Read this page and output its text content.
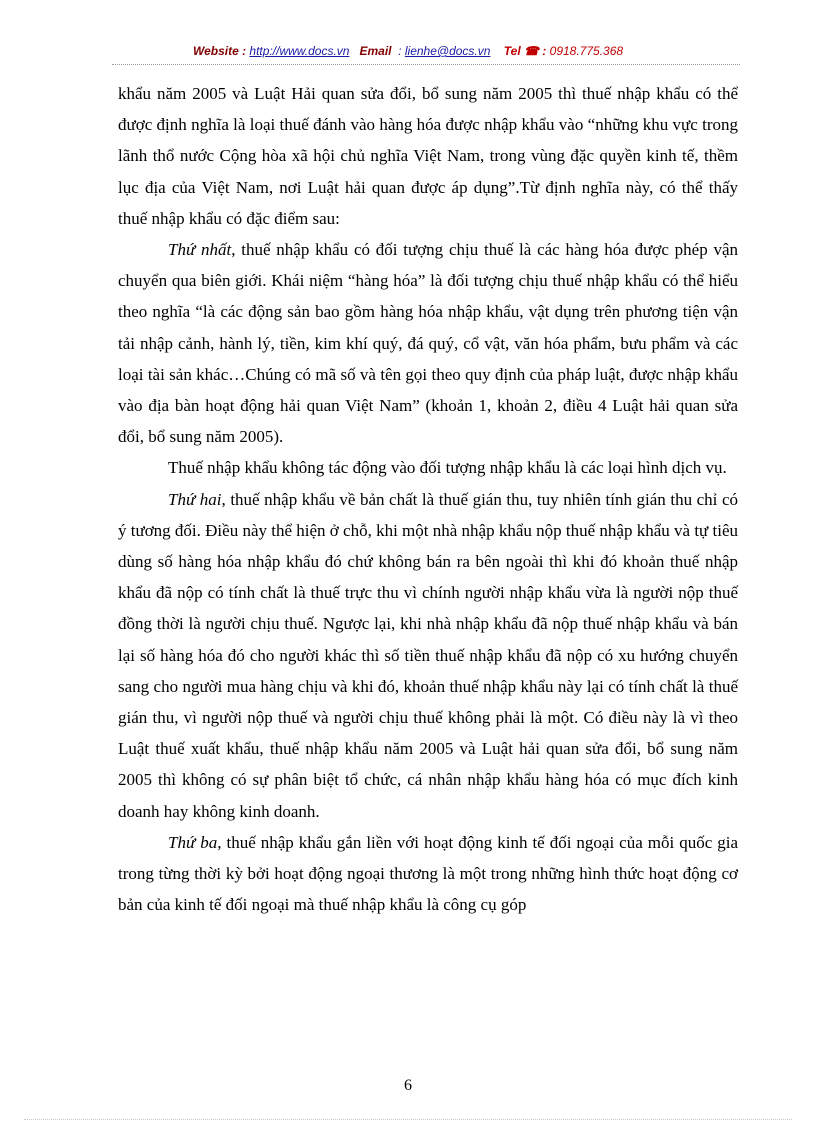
Website : http://www.docs.vn Email : lienhe@docs.vn Tel ☎ : 0918.775.368

khẩu năm 2005 và Luật Hải quan sửa đổi, bổ sung năm 2005 thì thuế nhập khẩu có thể được định nghĩa là loại thuế đánh vào hàng hóa được nhập khẩu vào “những khu vực trong lãnh thổ nước Cộng hòa xã hội chủ nghĩa Việt Nam, trong vùng đặc quyền kinh tế, thềm lục địa của Việt Nam, nơi Luật hải quan được áp dụng”.Từ định nghĩa này, có thể thấy thuế nhập khẩu có đặc điểm sau:

Thứ nhất, thuế nhập khẩu có đối tượng chịu thuế là các hàng hóa được phép vận chuyển qua biên giới. Khái niệm “hàng hóa” là đối tượng chịu thuế nhập khẩu có thể hiểu theo nghĩa “là các động sản bao gồm hàng hóa nhập khẩu, vật dụng trên phương tiện vận tải nhập cảnh, hành lý, tiền, kim khí quý, đá quý, cổ vật, văn hóa phẩm, bưu phẩm và các loại tài sản khác…Chúng có mã số và tên gọi theo quy định của pháp luật, được nhập khẩu vào địa bàn hoạt động hải quan Việt Nam” (khoản 1, khoản 2, điều 4 Luật hải quan sửa đổi, bổ sung năm 2005).

Thuế nhập khẩu không tác động vào đối tượng nhập khẩu là các loại hình dịch vụ.

Thứ hai, thuế nhập khẩu về bản chất là thuế gián thu, tuy nhiên tính gián thu chỉ có ý tương đối. Điều này thể hiện ở chỗ, khi một nhà nhập khẩu nộp thuế nhập khẩu và tự tiêu dùng số hàng hóa nhập khẩu đó chứ không bán ra bên ngoài thì khi đó khoản thuế nhập khẩu đã nộp có tính chất là thuế trực thu vì chính người nhập khẩu vừa là người nộp thuế đồng thời là người chịu thuế. Ngược lại, khi nhà nhập khẩu đã nộp thuế nhập khẩu và bán lại số hàng hóa đó cho người khác thì số tiền thuế nhập khẩu đã nộp có xu hướng chuyển sang cho người mua hàng chịu và khi đó, khoản thuế nhập khẩu này lại có tính chất là thuế gián thu, vì người nộp thuế và người chịu thuế không phải là một. Có điều này là vì theo Luật thuế xuất khẩu, thuế nhập khẩu năm 2005 và Luật hải quan sửa đổi, bổ sung năm 2005 thì không có sự phân biệt tổ chức, cá nhân nhập khẩu hàng hóa có mục đích kinh doanh hay không kinh doanh.

Thứ ba, thuế nhập khẩu gắn liền với hoạt động kinh tế đối ngoại của mỗi quốc gia trong từng thời kỳ bởi hoạt động ngoại thương là một trong những hình thức hoạt động cơ bản của kinh tế đối ngoại mà thuế nhập khẩu là công cụ góp

6
